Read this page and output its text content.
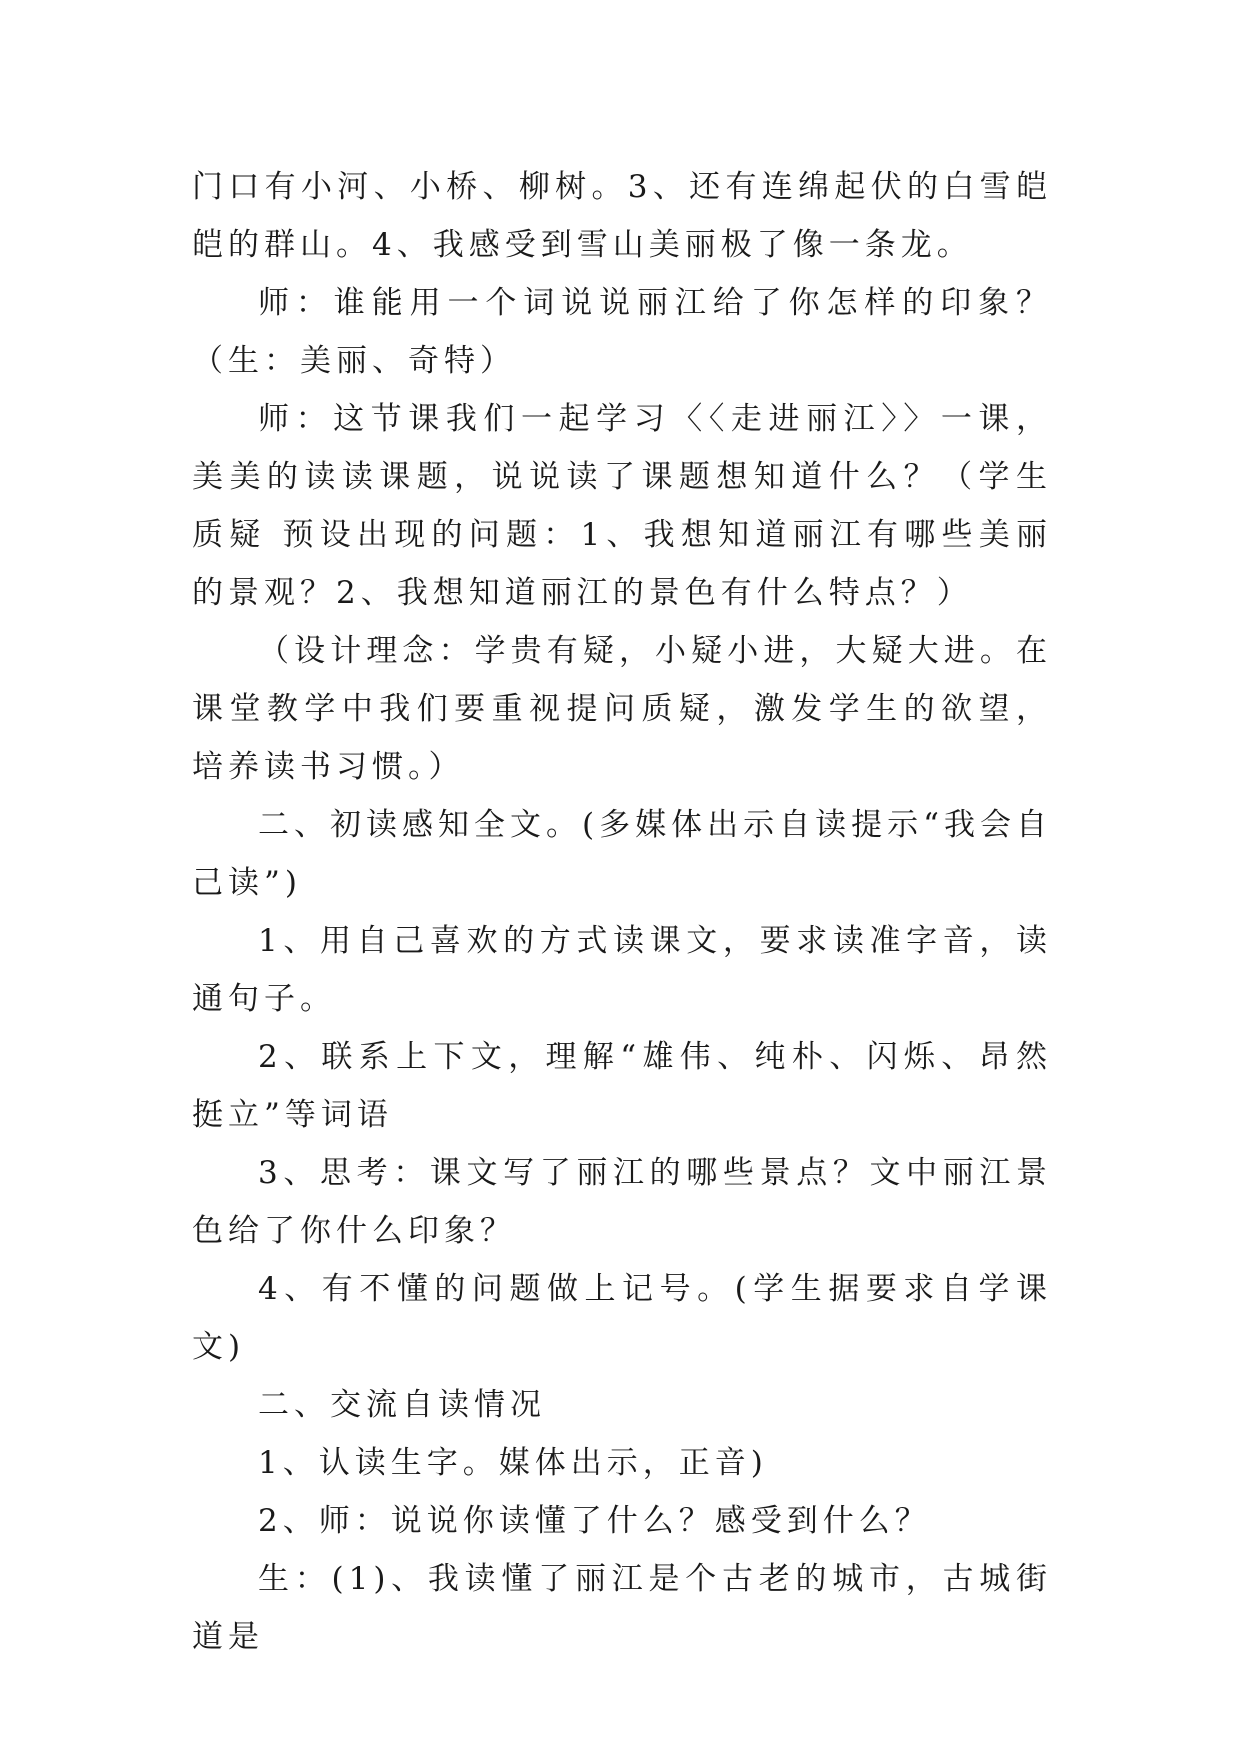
门口有小河、小桥、柳树。3、还有连绵起伏的白雪皑皑的群山。4、我感受到雪山美丽极了像一条龙。

师：谁能用一个词说说丽江给了你怎样的印象？（生：美丽、奇特）

师：这节课我们一起学习〈〈走进丽江〉〉一课，美美的读读课题，说说读了课题想知道什么？（学生质疑 预设出现的问题：1、我想知道丽江有哪些美丽的景观？2、我想知道丽江的景色有什么特点？）

（设计理念：学贵有疑，小疑小进，大疑大进。在课堂教学中我们要重视提问质疑，激发学生的欲望，培养读书习惯。）

二、初读感知全文。(多媒体出示自读提示“我会自己读”)

1、用自己喜欢的方式读课文，要求读准字音，读通句子。

2、联系上下文，理解“雄伟、纯朴、闪烁、昂然挺立”等词语

3、思考：课文写了丽江的哪些景点？文中丽江景色给了你什么印象？

4、有不懂的问题做上记号。(学生据要求自学课文)

二、交流自读情况

1、认读生字。媒体出示，正音)

2、师：说说你读懂了什么？感受到什么？

生：(1)、我读懂了丽江是个古老的城市，古城街道是
